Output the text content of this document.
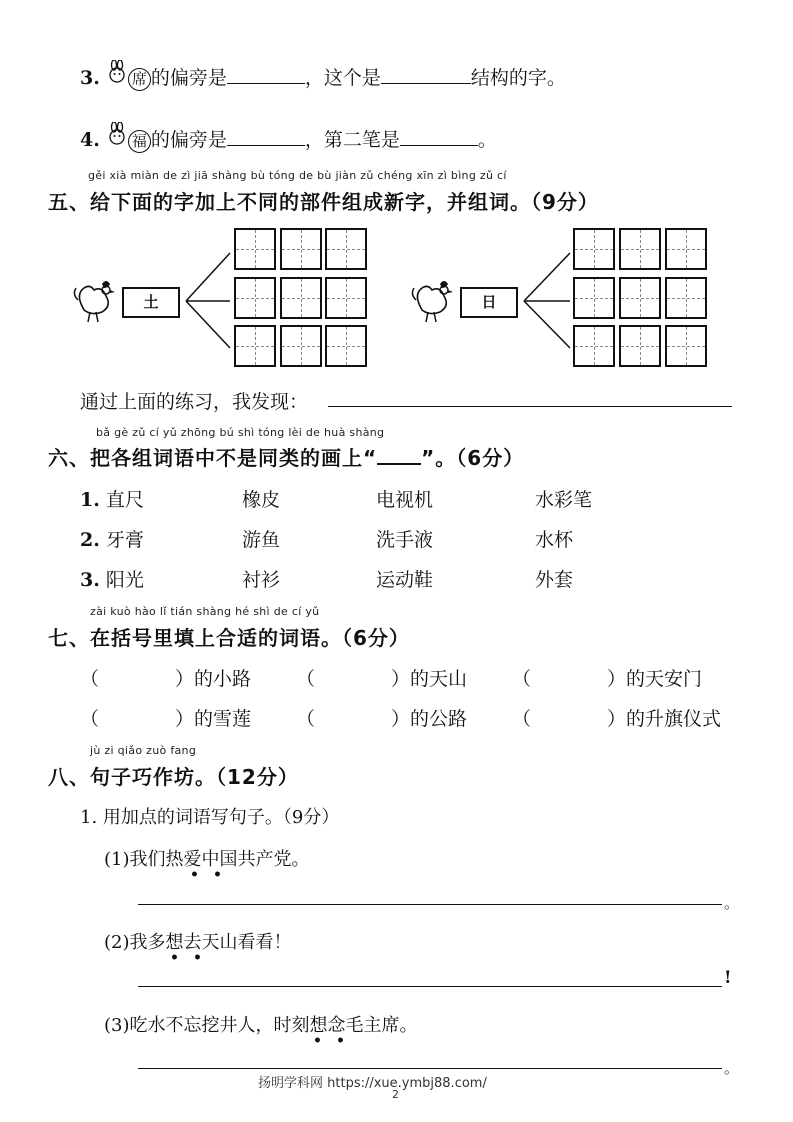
3. 席 的偏旁是	，这个是	结构的字。
4. 福 的偏旁是	，第二笔是	。
gěi xià miàn de zì jiā shàng bù tóng de bù jiàn zǔ chéng xīn zì bìng zǔ cí
五、给下面的字加上不同的部件组成新字，并组词。（9分）
土	日
通过上面的练习，我发现：
bǎ gè zǔ cí yǔ zhōng bú shì tóng lèi de huà shàng
六、把各组词语中不是同类的画上“ ”。（6分）
1. 直尺	橡皮	电视机	水彩笔
2. 牙膏	游鱼	洗手液	水杯
3. 阳光	衬衫	运动鞋	外套
zài kuò hào lǐ tián shàng hé shì de cí yǔ
七、在括号里填上合适的词语。（6分）
（　　　　）的小路 （　　　　）的天山 （　　　　）的天安门
（　　　　）的雪莲 （　　　　）的公路 （　　　　）的升旗仪式
jù zi qiǎo zuò fang
八、句子巧作坊。（12分）
1. 用加点的词语写句子。（9分）
(1)我们热爱中国共产党。
•　•
。
(2)我多想去天山看看！
•　•
!
(3)吃水不忘挖井人，时刻想念毛主席。
•　•
。
扬明学科网 https://xue.ymbj88.com/
2
